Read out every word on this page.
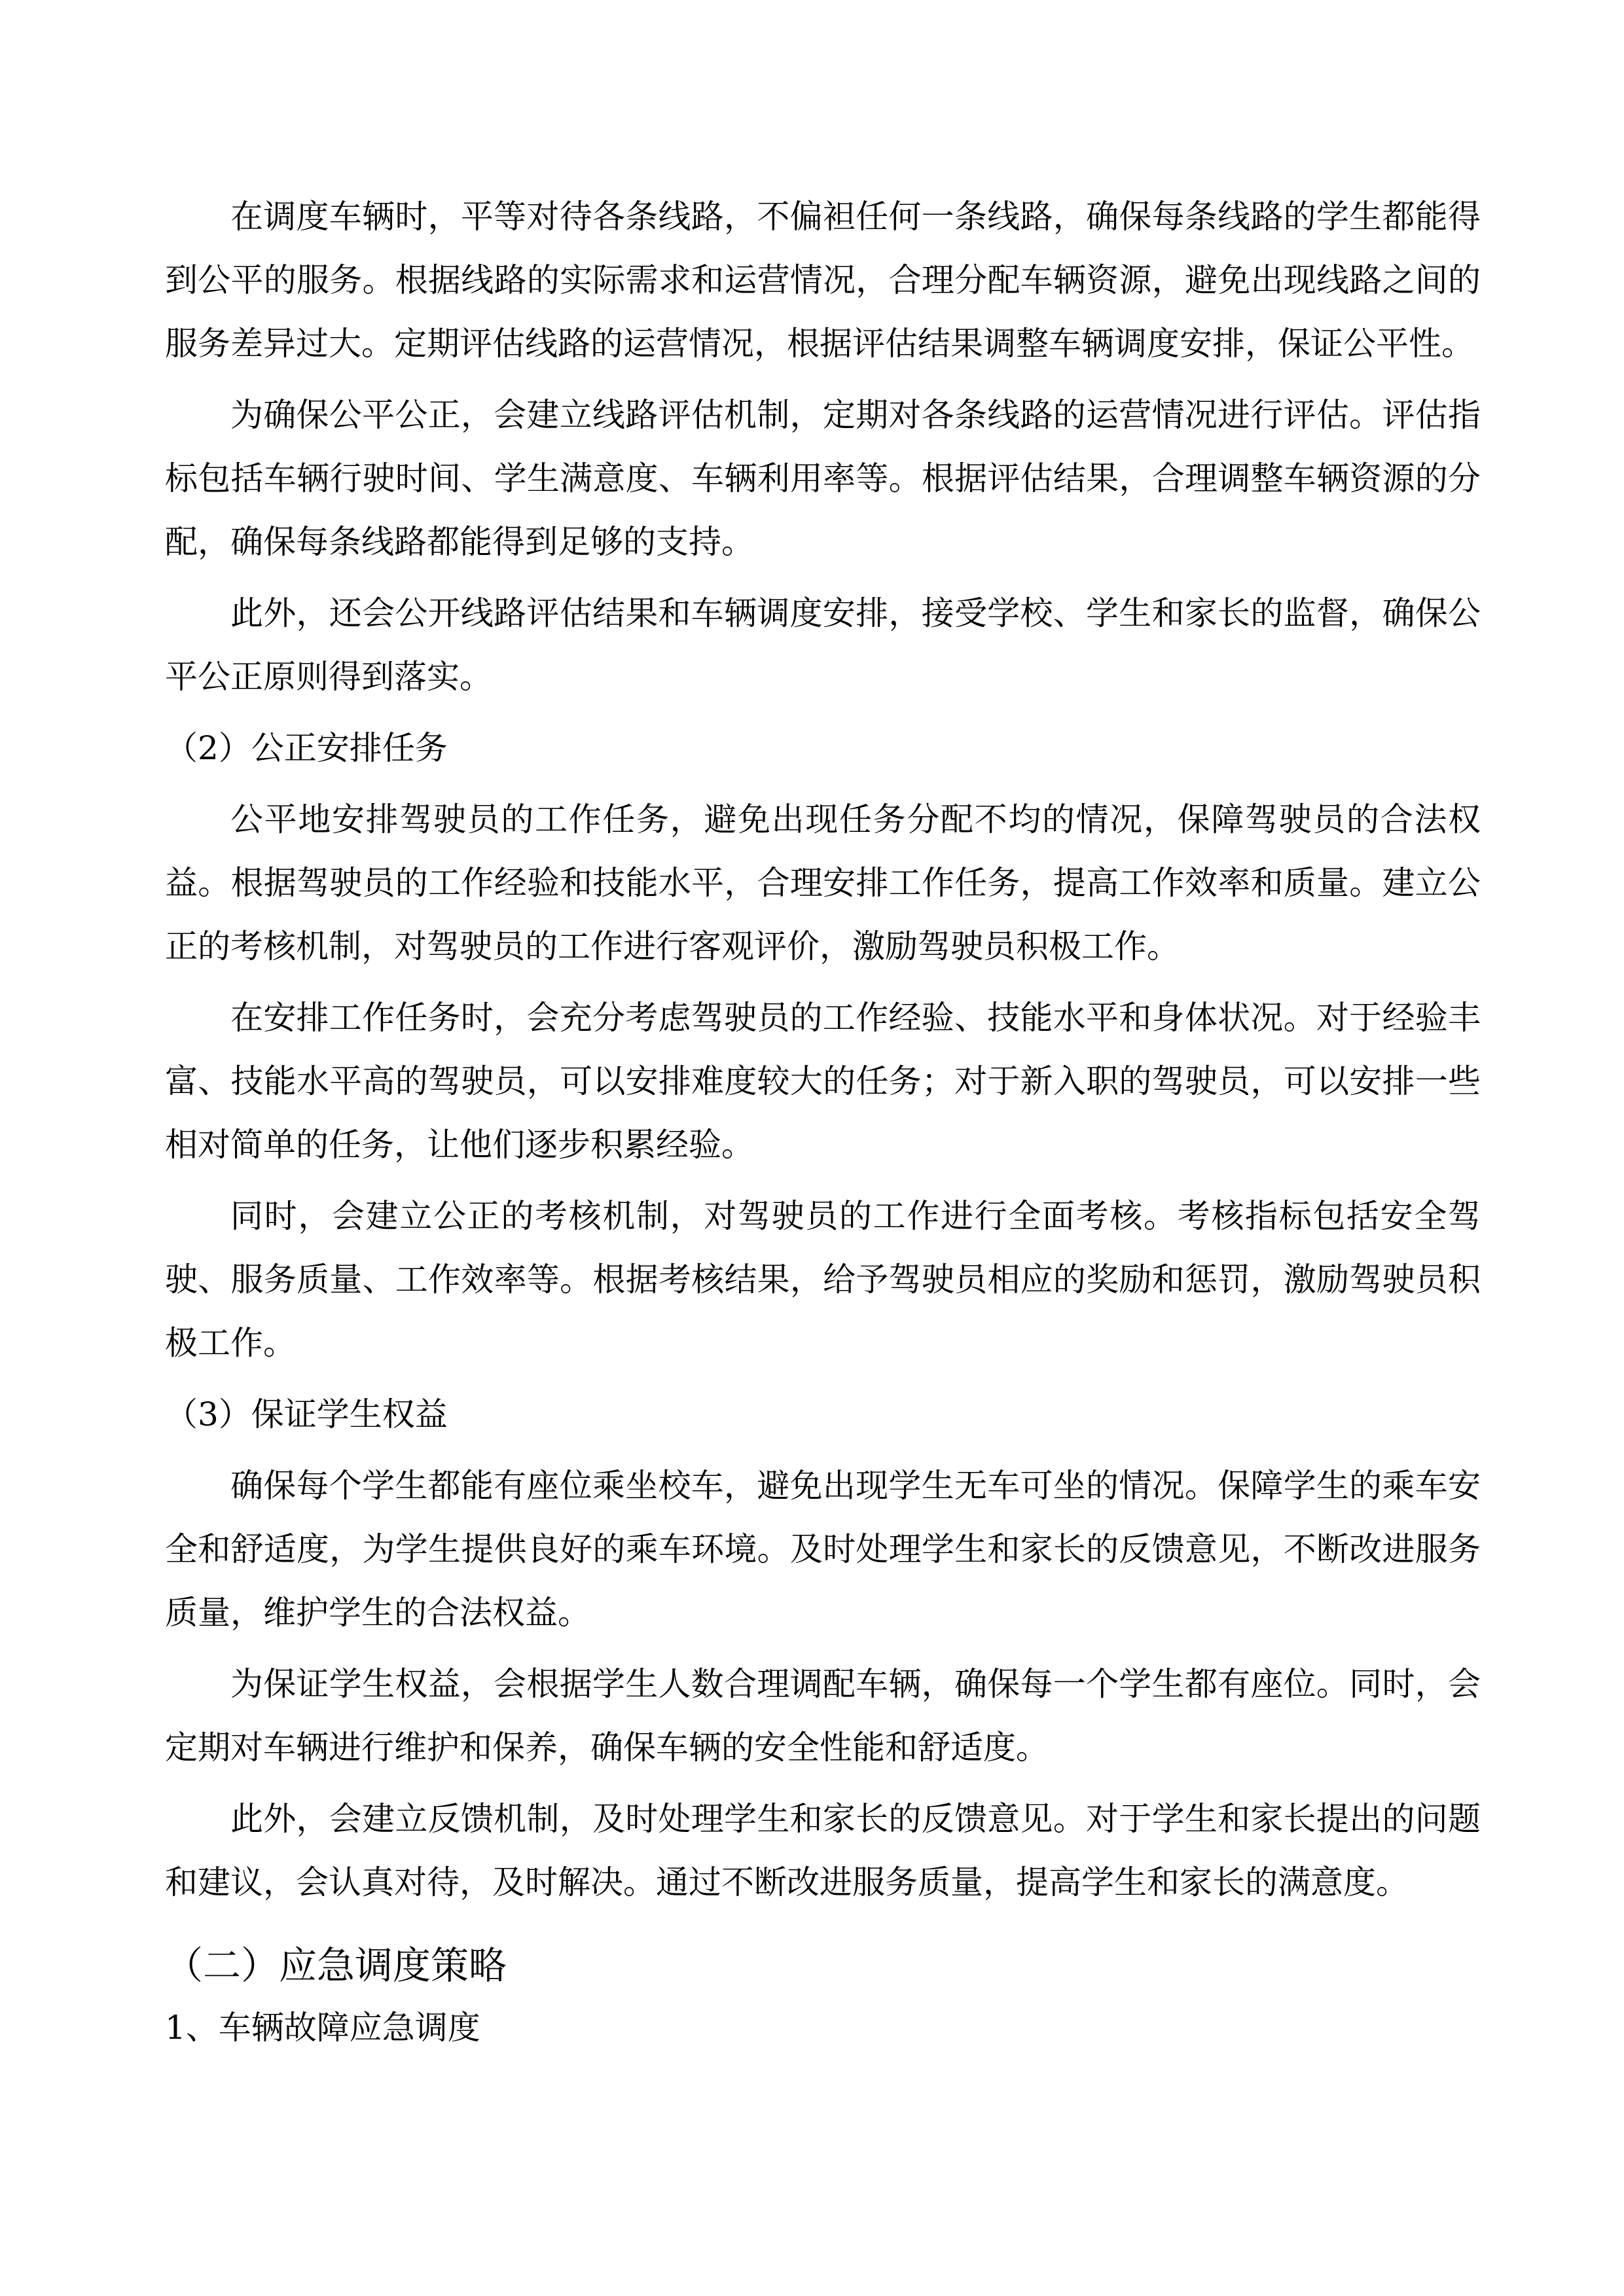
在调度车辆时，平等对待各条线路，不偏袒任何一条线路，确保每条线路的学生都能得
到公平的服务。根据线路的实际需求和运营情况，合理分配车辆资源，避免出现线路之间的
服务差异过大。定期评估线路的运营情况，根据评估结果调整车辆调度安排，保证公平性。
为确保公平公正，会建立线路评估机制，定期对各条线路的运营情况进行评估。评估指
标包括车辆行驶时间、学生满意度、车辆利用率等。根据评估结果，合理调整车辆资源的分
配，确保每条线路都能得到足够的支持。
此外，还会公开线路评估结果和车辆调度安排，接受学校、学生和家长的监督，确保公
平公正原则得到落实。
（2）公正安排任务
公平地安排驾驶员的工作任务，避免出现任务分配不均的情况，保障驾驶员的合法权
益。根据驾驶员的工作经验和技能水平，合理安排工作任务，提高工作效率和质量。建立公
正的考核机制，对驾驶员的工作进行客观评价，激励驾驶员积极工作。
在安排工作任务时，会充分考虑驾驶员的工作经验、技能水平和身体状况。对于经验丰
富、技能水平高的驾驶员，可以安排难度较大的任务；对于新入职的驾驶员，可以安排一些
相对简单的任务，让他们逐步积累经验。
同时，会建立公正的考核机制，对驾驶员的工作进行全面考核。考核指标包括安全驾
驶、服务质量、工作效率等。根据考核结果，给予驾驶员相应的奖励和惩罚，激励驾驶员积
极工作。
（3）保证学生权益
确保每个学生都能有座位乘坐校车，避免出现学生无车可坐的情况。保障学生的乘车安
全和舒适度，为学生提供良好的乘车环境。及时处理学生和家长的反馈意见，不断改进服务
质量，维护学生的合法权益。
为保证学生权益，会根据学生人数合理调配车辆，确保每一个学生都有座位。同时，会
定期对车辆进行维护和保养，确保车辆的安全性能和舒适度。
此外，会建立反馈机制，及时处理学生和家长的反馈意见。对于学生和家长提出的问题
和建议，会认真对待，及时解决。通过不断改进服务质量，提高学生和家长的满意度。
（二）应急调度策略
1、车辆故障应急调度
